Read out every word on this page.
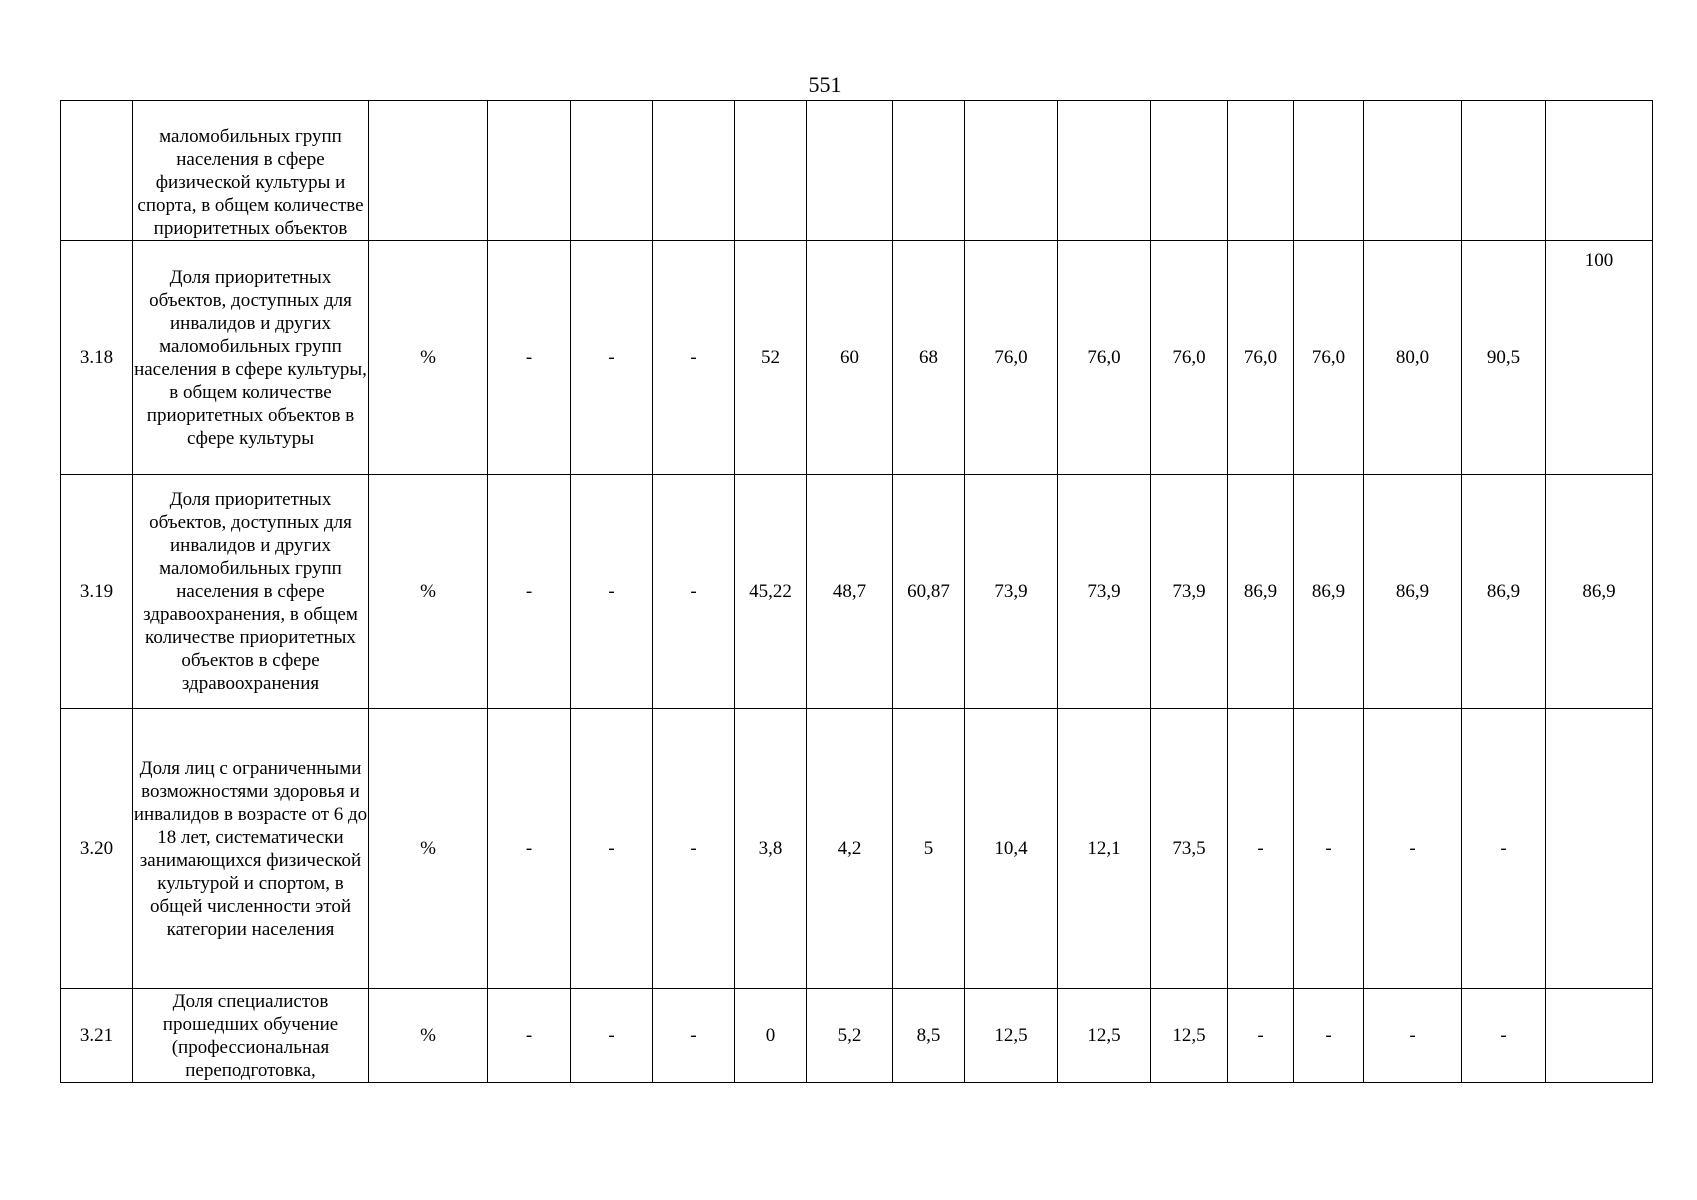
551
	маломобильных групп населения в сфере физической культуры и спорта, в общем количестве приоритетных объектов															
3.18	Доля приоритетных объектов, доступных для инвалидов и других маломобильных групп населения в сфере культуры, в общем количестве приоритетных объектов в сфере культуры	%	-	-	-	52	60	68	76,0	76,0	76,0	76,0	76,0	80,0	90,5	100
3.19	Доля приоритетных объектов, доступных для инвалидов и других маломобильных групп населения в сфере здравоохранения, в общем количестве приоритетных объектов в сфере здравоохранения	%	-	-	-	45,22	48,7	60,87	73,9	73,9	73,9	86,9	86,9	86,9	86,9	86,9
3.20	Доля лиц с ограниченными возможностями здоровья и инвалидов в возрасте от 6 до 18 лет, систематически занимающихся физической культурой и спортом, в общей численности этой категории населения	%	-	-	-	3,8	4,2	5	10,4	12,1	73,5	-	-	-	-	
3.21	Доля специалистов прошедших обучение (профессиональная переподготовка,	%	-	-	-	0	5,2	8,5	12,5	12,5	12,5	-	-	-	-	
